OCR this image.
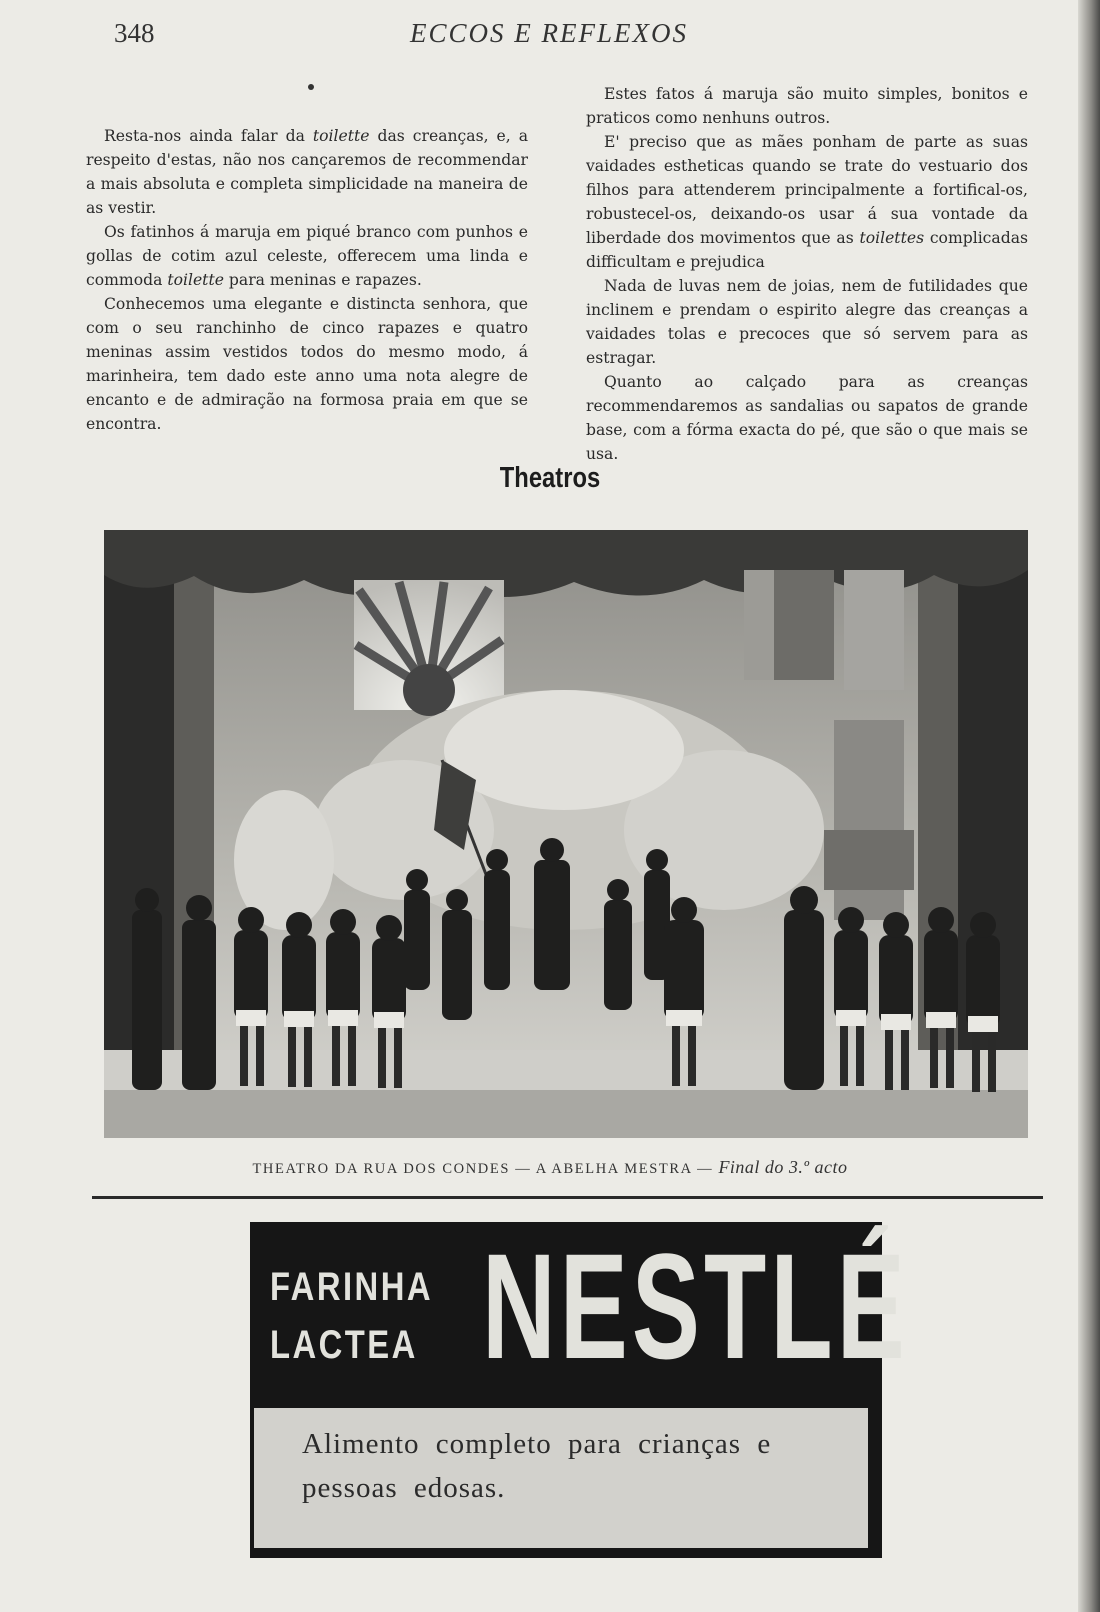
348	ECCOS E REFLEXOS

Resta-nos ainda falar da toilette das creanças, e, a respeito d'estas, não nos cançaremos de recommendar a mais absoluta e completa simplicidade na maneira de as vestir.

Os fatinhos á maruja em piqué branco com punhos e gollas de cotim azul celeste, offerecem uma linda e commoda toilette para meninas e rapazes.

Conhecemos uma elegante e distincta senhora, que com o seu ranchinho de cinco rapazes e quatro meninas assim vestidos todos do mesmo modo, á marinheira, tem dado este anno uma nota alegre de encanto e de admiração na formosa praia em que se encontra.

Estes fatos á maruja são muito simples, bonitos e praticos como nenhuns outros.

E' preciso que as mães ponham de parte as suas vaidades estheticas quando se trate do vestuario dos filhos para attenderem principalmente a fortifical-os, robustecel-os, deixando-os usar á sua vontade da liberdade dos movimentos que as toilettes complicadas difficultam e prejudica

Nada de luvas nem de joias, nem de futilidades que inclinem e prendam o espirito alegre das creanças a vaidades tolas e precoces que só servem para as estragar.

Quanto ao calçado para as creanças recommendaremos as sandalias ou sapatos de grande base, com a fórma exacta do pé, que são o que mais se usa.

Theatros
THEATRO DA RUA DOS CONDES — A ABELHA MESTRA — Final do 3.º acto
FARINHA
LACTEA NESTLÉ
Alimento completo para crianças e pessoas edosas.
